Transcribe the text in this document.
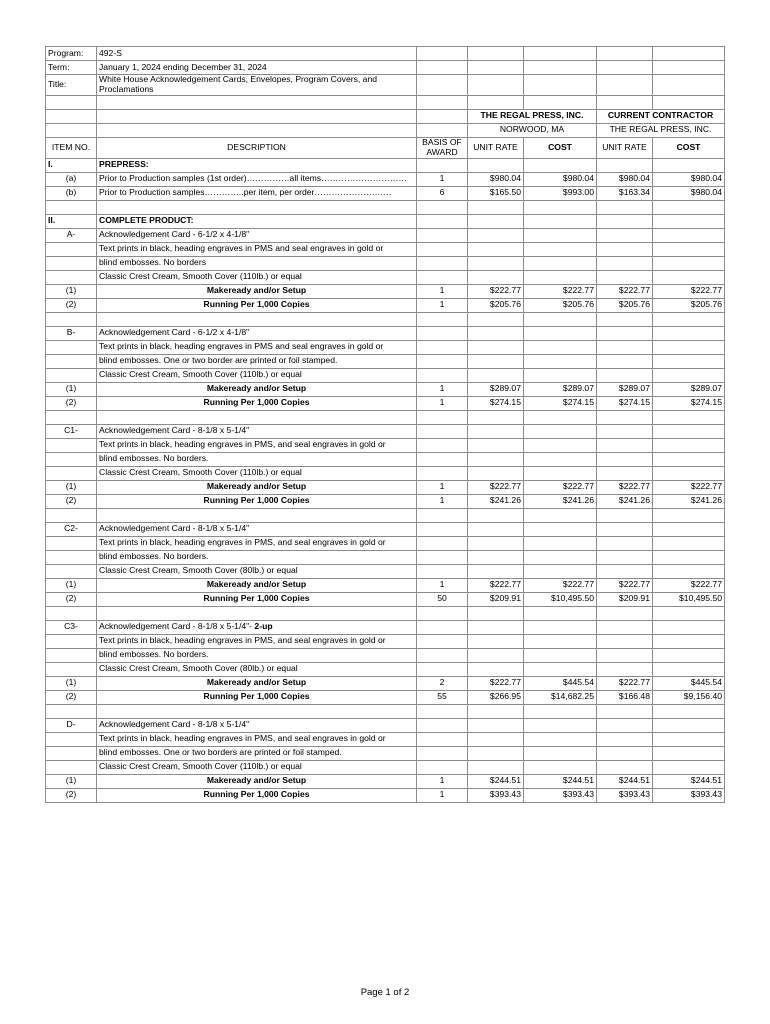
Program:	492-S					
Term:	January 1, 2024 ending December 31, 2024					
Title:	White House Acknowledgement Cards, Envelopes, Program Covers, and Proclamations					

			THE REGAL PRESS, INC.		CURRENT CONTRACTOR	
			NORWOOD, MA		THE REGAL PRESS, INC.	
ITEM NO.	DESCRIPTION	BASIS OF AWARD	UNIT RATE	COST	UNIT RATE	COST
I.	PREPRESS:					
(a)	Prior to Production samples (1st order)……………all items…………………………	1	$980.04	$980.04	$980.04	$980.04
(b)	Prior to Production samples…………..per item, per order………………………	6	$165.50	$993.00	$163.34	$980.04

II.	COMPLETE PRODUCT:					
A-	Acknowledgement Card - 6-1/2 x 4-1/8"					
	Text prints in black, heading engraves in PMS and seal engraves in gold or					
	blind embosses. No borders					
	Classic Crest Cream, Smooth Cover (110lb.) or equal					
(1)	Makeready and/or Setup	1	$222.77	$222.77	$222.77	$222.77
(2)	Running Per 1,000 Copies	1	$205.76	$205.76	$205.76	$205.76

B-	Acknowledgement Card - 6-1/2 x 4-1/8"					
	Text prints in black, heading engraves in PMS and seal engraves in gold or					
	blind embosses. One or two border are printed or foil stamped.					
	Classic Crest Cream, Smooth Cover (110lb.) or equal					
(1)	Makeready and/or Setup	1	$289.07	$289.07	$289.07	$289.07
(2)	Running Per 1,000 Copies	1	$274.15	$274.15	$274.15	$274.15

C1-	Acknowledgement Card - 8-1/8 x 5-1/4"					
	Text prints in black, heading engraves in PMS, and seal engraves in gold or					
	blind embosses. No borders.					
	Classic Crest Cream, Smooth Cover (110lb.) or equal					
(1)	Makeready and/or Setup	1	$222.77	$222.77	$222.77	$222.77
(2)	Running Per 1,000 Copies	1	$241.26	$241.26	$241.26	$241.26

C2-	Acknowledgement Card - 8-1/8 x 5-1/4"					
	Text prints in black, heading engraves in PMS, and seal engraves in gold or					
	blind embosses. No borders.					
	Classic Crest Cream, Smooth Cover (80lb.) or equal					
(1)	Makeready and/or Setup	1	$222.77	$222.77	$222.77	$222.77
(2)	Running Per 1,000 Copies	50	$209.91	$10,495.50	$209.91	$10,495.50

C3-	Acknowledgement Card - 8-1/8 x 5-1/4"- 2-up					
	Text prints in black, heading engraves in PMS, and seal engraves in gold or					
	blind embosses. No borders.					
	Classic Crest Cream, Smooth Cover (80lb.) or equal					
(1)	Makeready and/or Setup	2	$222.77	$445.54	$222.77	$445.54
(2)	Running Per 1,000 Copies	55	$266.95	$14,682.25	$166.48	$9,156.40

D-	Acknowledgement Card - 8-1/8 x 5-1/4"					
	Text prints in black, heading engraves in PMS, and seal engraves in gold or					
	blind embosses. One or two borders are printed or foil stamped.					
	Classic Crest Cream, Smooth Cover (110lb.) or equal					
(1)	Makeready and/or Setup	1	$244.51	$244.51	$244.51	$244.51
(2)	Running Per 1,000 Copies	1	$393.43	$393.43	$393.43	$393.43
Page 1 of 2
